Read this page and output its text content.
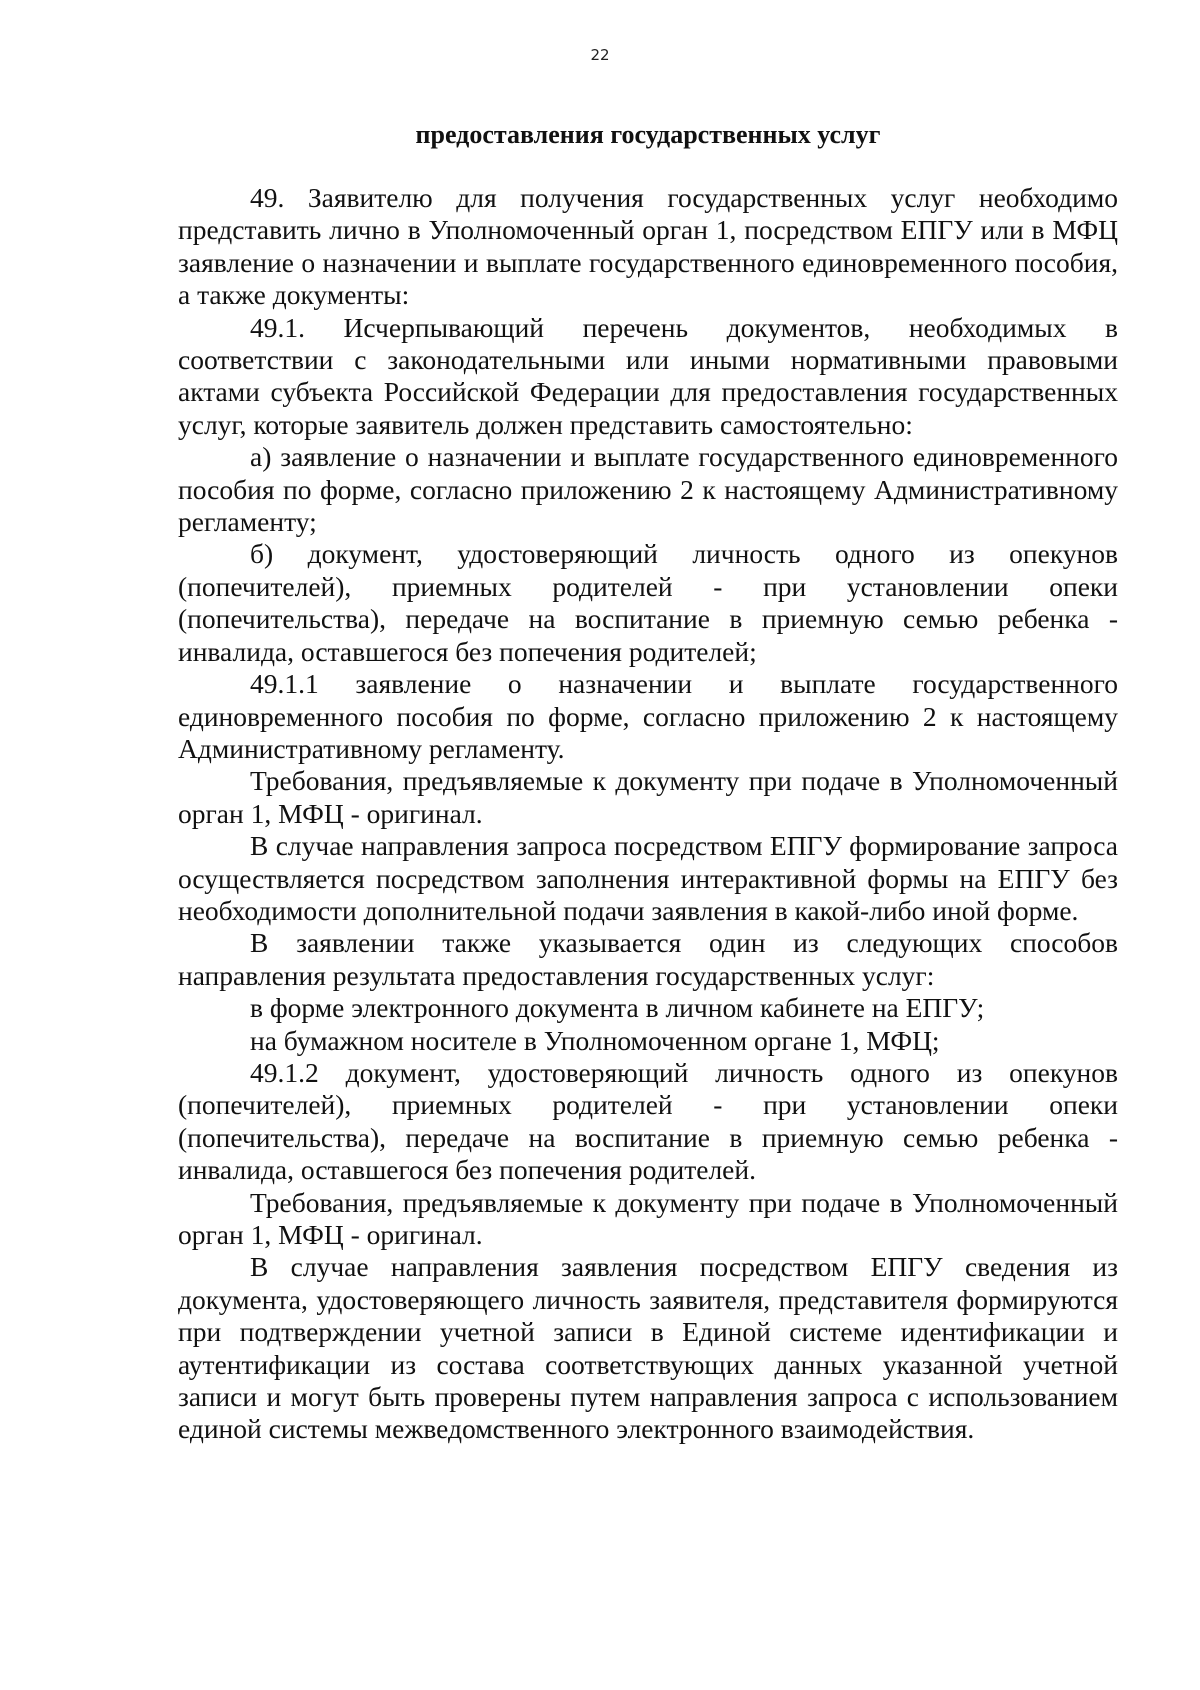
22
предоставления государственных услуг

49. Заявителю для получения государственных услуг необходимо представить лично в Уполномоченный орган 1, посредством ЕПГУ или в МФЦ заявление о назначении и выплате государственного единовременного пособия, а также документы:

49.1. Исчерпывающий перечень документов, необходимых в соответствии с законодательными или иными нормативными правовыми актами субъекта Российской Федерации для предоставления государственных услуг, которые заявитель должен представить самостоятельно:

а) заявление о назначении и выплате государственного единовременного пособия по форме, согласно приложению 2 к настоящему Административному регламенту;

б) документ, удостоверяющий личность одного из опекунов (попечителей), приемных родителей - при установлении опеки (попечительства), передаче на воспитание в приемную семью ребенка - инвалида, оставшегося без попечения родителей;

49.1.1 заявление о назначении и выплате государственного единовременного пособия по форме, согласно приложению 2 к настоящему Административному регламенту.

Требования, предъявляемые к документу при подаче в Уполномоченный орган 1, МФЦ - оригинал.

В случае направления запроса посредством ЕПГУ формирование запроса осуществляется посредством заполнения интерактивной формы на ЕПГУ без необходимости дополнительной подачи заявления в какой-либо иной форме.

В заявлении также указывается один из следующих способов направления результата предоставления государственных услуг:

в форме электронного документа в личном кабинете на ЕПГУ;

на бумажном носителе в Уполномоченном органе 1, МФЦ;

49.1.2 документ, удостоверяющий личность одного из опекунов (попечителей), приемных родителей - при установлении опеки (попечительства), передаче на воспитание в приемную семью ребенка - инвалида, оставшегося без попечения родителей.

Требования, предъявляемые к документу при подаче в Уполномоченный орган 1, МФЦ - оригинал.

В случае направления заявления посредством ЕПГУ сведения из документа, удостоверяющего личность заявителя, представителя формируются при подтверждении учетной записи в Единой системе идентификации и аутентификации из состава соответствующих данных указанной учетной записи и могут быть проверены путем направления запроса с использованием единой системы межведомственного электронного взаимодействия.
